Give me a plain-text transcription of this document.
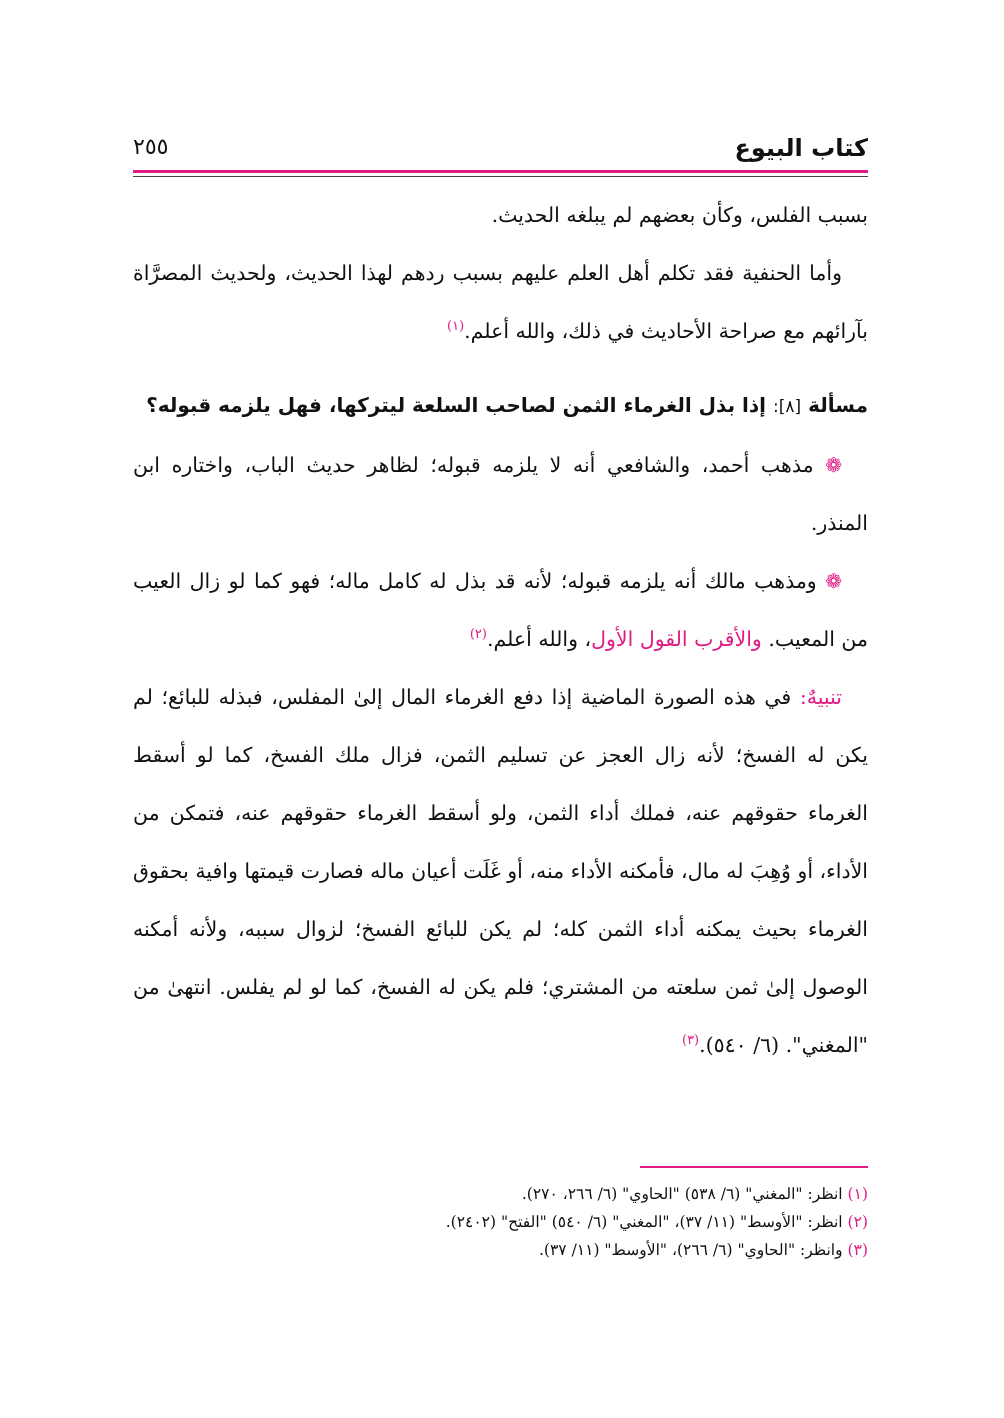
كتاب البيوع
٢٥٥

بسبب الفلس، وكأن بعضهم لم يبلغه الحديث.

وأما الحنفية فقد تكلم أهل العلم عليهم بسبب ردهم لهذا الحديث، ولحديث المصرَّاة بآرائهم مع صراحة الأحاديث في ذلك، والله أعلم.$^{(١)}$

مسألة [٨]: إذا بذل الغرماء الثمن لصاحب السلعة ليتركها، فهل يلزمه قبوله؟

❁ مذهب أحمد، والشافعي أنه لا يلزمه قبوله؛ لظاهر حديث الباب، واختاره ابن المنذر.

❁ ومذهب مالك أنه يلزمه قبوله؛ لأنه قد بذل له كامل ماله؛ فهو كما لو زال العيب من المعيب. والأقرب القول الأول، والله أعلم.$^{(٢)}$

تنبيهٌ: في هذه الصورة الماضية إذا دفع الغرماء المال إلىٰ المفلس، فبذله للبائع؛ لم يكن له الفسخ؛ لأنه زال العجز عن تسليم الثمن، فزال ملك الفسخ، كما لو أسقط الغرماء حقوقهم عنه، فملك أداء الثمن، ولو أسقط الغرماء حقوقهم عنه، فتمكن من الأداء، أو وُهِبَ له مال، فأمكنه الأداء منه، أو غَلَت أعيان ماله فصارت قيمتها وافية بحقوق الغرماء بحيث يمكنه أداء الثمن كله؛ لم يكن للبائع الفسخ؛ لزوال سببه، ولأنه أمكنه الوصول إلىٰ ثمن سلعته من المشتري؛ فلم يكن له الفسخ، كما لو لم يفلس. انتهىٰ من "المغني". (٦/ ٥٤٠).$^{(٣)}$

(١) انظر: "المغني" (٦/ ٥٣٨) "الحاوي" (٦/ ٢٦٦، ٢٧٠).

(٢) انظر: "الأوسط" (١١/ ٣٧)، "المغني" (٦/ ٥٤٠) "الفتح" (٢٤٠٢).

(٣) وانظر: "الحاوي" (٦/ ٢٦٦)، "الأوسط" (١١/ ٣٧).
